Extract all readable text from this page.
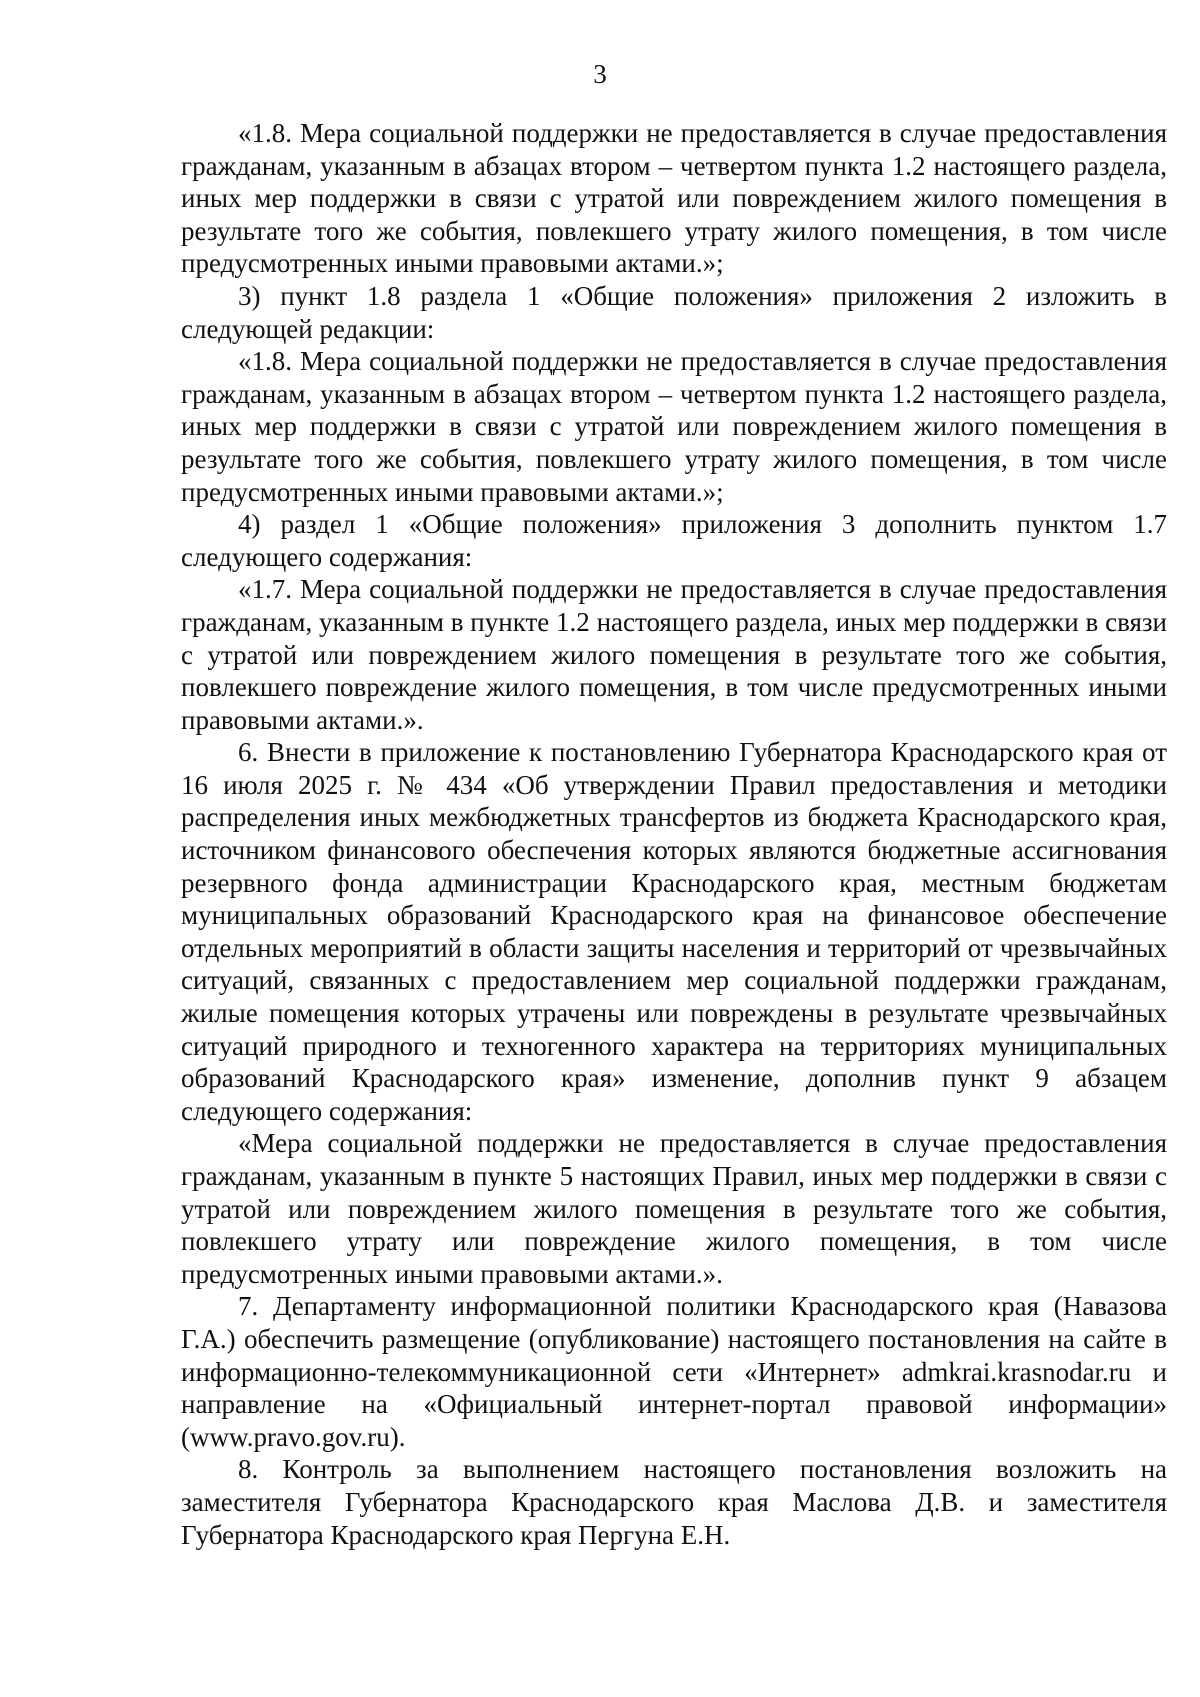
3

«1.8. Мера социальной поддержки не предоставляется в случае предоставления гражданам, указанным в абзацах втором – четвертом пункта 1.2 настоящего раздела, иных мер поддержки в связи с утратой или повреждением жилого помещения в результате того же события, повлекшего утрату жилого помещения, в том числе предусмотренных иными правовыми актами.»;

3) пункт 1.8 раздела 1 «Общие положения» приложения 2 изложить в следующей редакции:

«1.8. Мера социальной поддержки не предоставляется в случае предоставления гражданам, указанным в абзацах втором – четвертом пункта 1.2 настоящего раздела, иных мер поддержки в связи с утратой или повреждением жилого помещения в результате того же события, повлекшего утрату жилого помещения, в том числе предусмотренных иными правовыми актами.»;

4) раздел 1 «Общие положения» приложения 3 дополнить пунктом 1.7 следующего содержания:

«1.7. Мера социальной поддержки не предоставляется в случае предоставления гражданам, указанным в пункте 1.2 настоящего раздела, иных мер поддержки в связи с утратой или повреждением жилого помещения в результате того же события, повлекшего повреждение жилого помещения, в том числе предусмотренных иными правовыми актами.».

6. Внести в приложение к постановлению Губернатора Краснодарского края от 16 июля 2025 г. № 434 «Об утверждении Правил предоставления и методики распределения иных межбюджетных трансфертов из бюджета Краснодарского края, источником финансового обеспечения которых являются бюджетные ассигнования резервного фонда администрации Краснодарского края, местным бюджетам муниципальных образований Краснодарского края на финансовое обеспечение отдельных мероприятий в области защиты населения и территорий от чрезвычайных ситуаций, связанных с предоставлением мер социальной поддержки гражданам, жилые помещения которых утрачены или повреждены в результате чрезвычайных ситуаций природного и техногенного характера на территориях муниципальных образований Краснодарского края» изменение, дополнив пункт 9 абзацем следующего содержания:

«Мера социальной поддержки не предоставляется в случае предоставления гражданам, указанным в пункте 5 настоящих Правил, иных мер поддержки в связи с утратой или повреждением жилого помещения в результате того же события, повлекшего утрату или повреждение жилого помещения, в том числе предусмотренных иными правовыми актами.».

7. Департаменту информационной политики Краснодарского края (Навазова Г.А.) обеспечить размещение (опубликование) настоящего постановления на сайте в информационно-телекоммуникационной сети «Интернет» admkrai.krasnodar.ru и направление на «Официальный интернет-портал правовой информации» (www.pravo.gov.ru).

8. Контроль за выполнением настоящего постановления возложить на заместителя Губернатора Краснодарского края Маслова Д.В. и заместителя Губернатора Краснодарского края Пергуна Е.Н.
